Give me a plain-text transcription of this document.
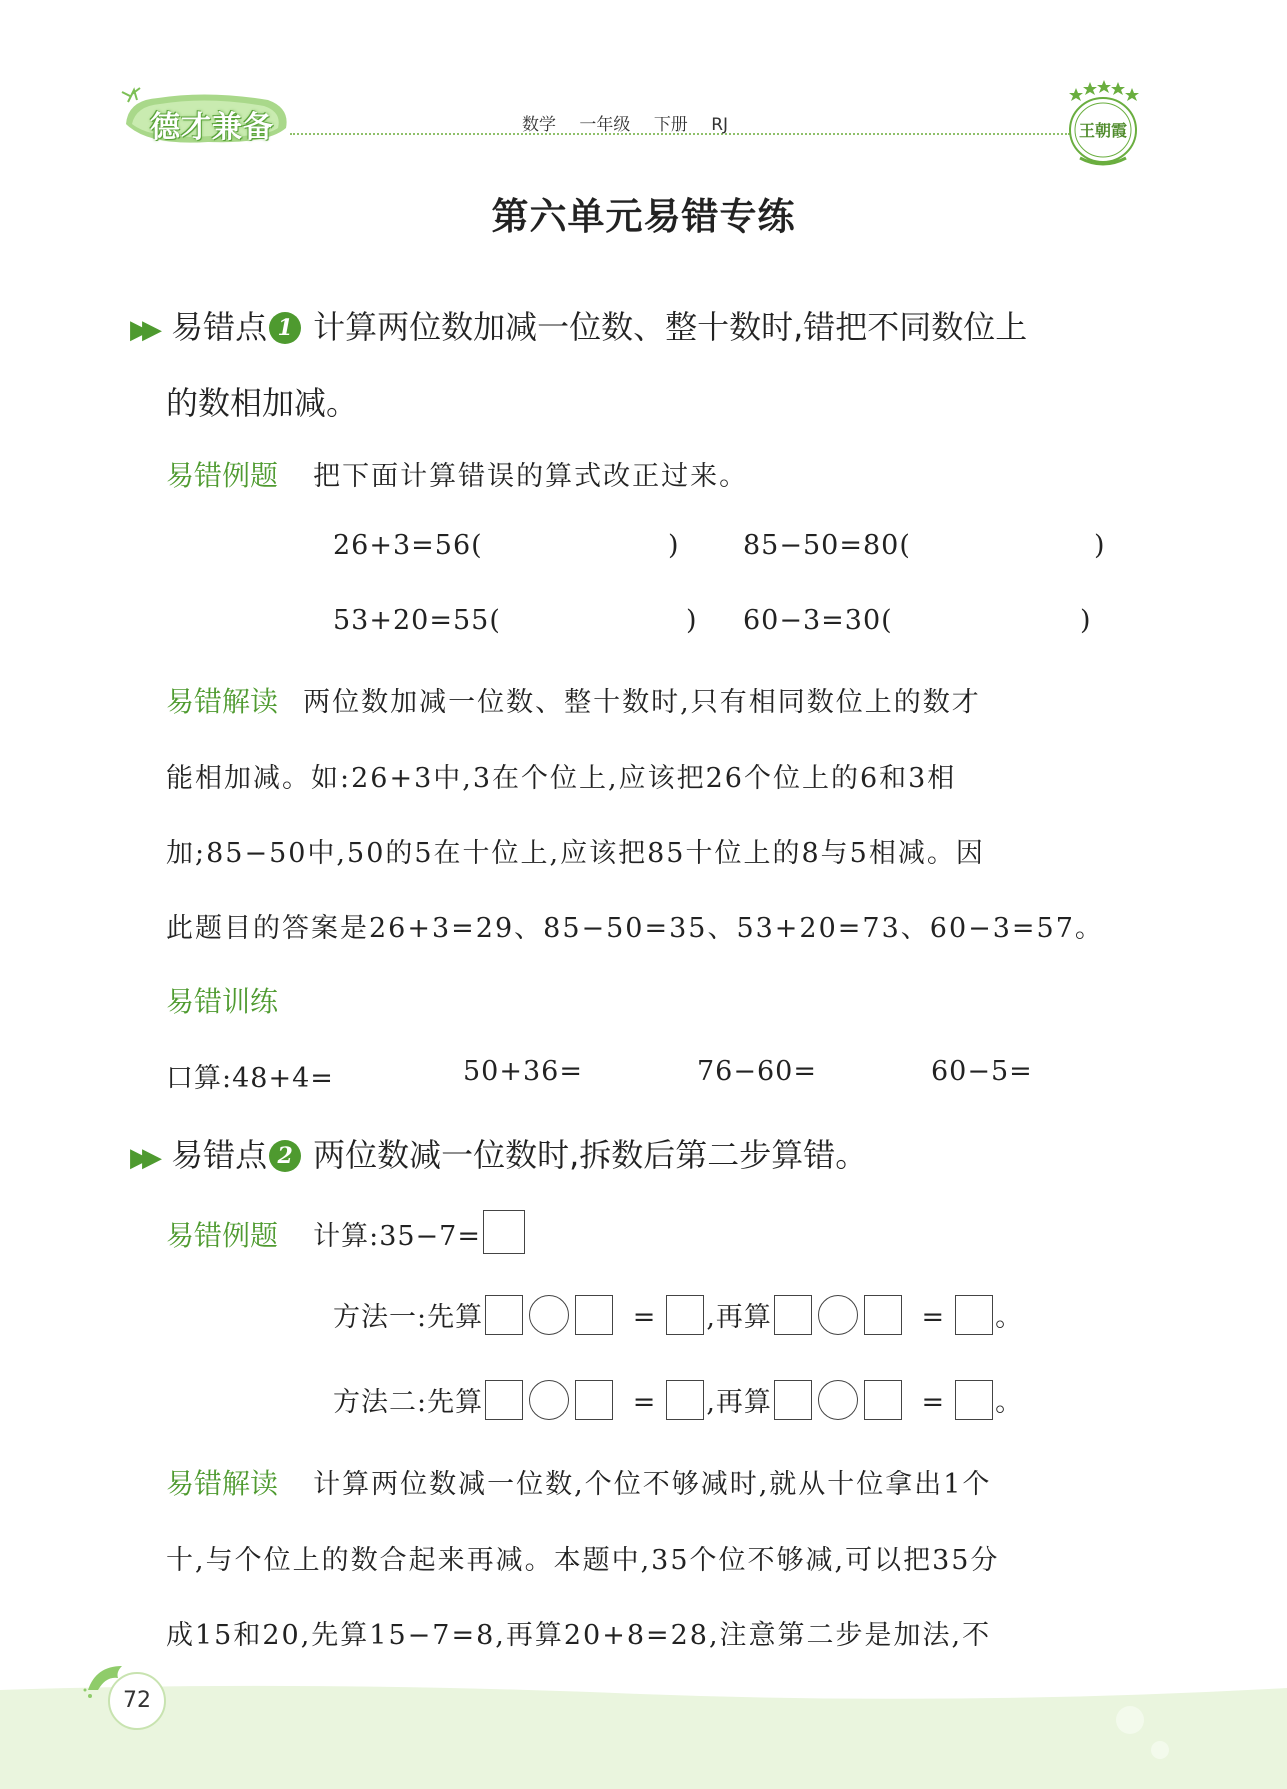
德才兼备	数学 一年级 下册 RJ	王朝霞
第六单元易错专练
▶▶ 易错点 1 计算两位数加减一位数、整十数时,错把不同数位上
的数相加减。
易错例题 把下面计算错误的算式改正过来。
26+3=56(	) 85−50=80(	)
53+20=55(	) 60−3=30(	)
易错解读 两位数加减一位数、整十数时,只有相同数位上的数才
能相加减。如:26+3中,3在个位上,应该把26个位上的6和3相
加;85−50中,50的5在十位上,应该把85十位上的8与5相减。因
此题目的答案是26+3=29、85−50=35、53+20=73、60−3=57。
易错训练
口算:48+4=	50+36=	76−60=	60−5=
▶▶ 易错点 2 两位数减一位数时,拆数后第二步算错。
易错例题 计算:35−7=
方法一:先算	= ,再算	= 。
方法二:先算	= ,再算	= 。
易错解读 计算两位数减一位数,个位不够减时,就从十位拿出1个
十,与个位上的数合起来再减。本题中,35个位不够减,可以把35分
成15和20,先算15−7=8,再算20+8=28,注意第二步是加法,不
72
